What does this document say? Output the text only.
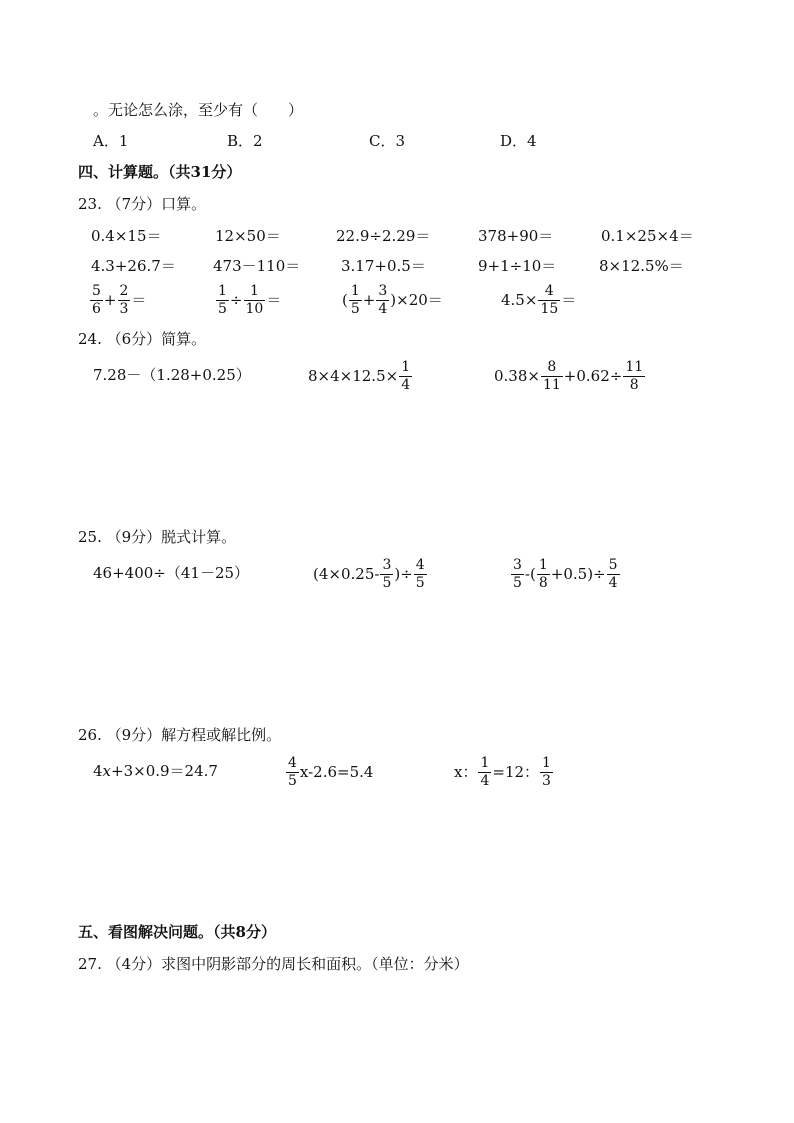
。无论怎么涂，至少有（　　）
A．1	B．2	C．3	D．4
四、计算题。（共31分）
23. （7分）口算。
0.4×15＝	12×50＝	22.9÷2.29＝	378+90＝	0.1×25×4＝
4.3+26.7＝ 473－110＝	3.17+0.5＝	9+1÷10＝	8×12.5%＝
$\frac{5}{6} + \frac{2}{3}$ ＝	$\frac{1}{5} \div \frac{1}{10}$ ＝	( $\frac{1}{5} + \frac{3}{4} )\times 20=$	$4.5\times \frac{4}{15}$ ＝
24. （6分）简算。
7.28－（1.28+0.25）	$8\times 4\times 12.5\times \frac{1}{4}$	$0.38\times \frac{8}{11} +0.62\div \frac{11}{8}$
25. （9分）脱式计算。
46+400÷（41－25）	($4\times 0.25- \frac{3}{5}$ )÷ $\frac{4}{5}$	$\frac{3}{5}$ -( $\frac{1}{8} +0.5)\div \frac{5}{4}$
26. （9分）解方程或解比例。
4x+3×0.9＝24.7	$\frac{4}{5} x-2.6=5.4$	x： $\frac{1}{4} =12$： $\frac{1}{3}$
五、看图解决问题。（共8分）
27. （4分）求图中阴影部分的周长和面积。（单位：分米）
